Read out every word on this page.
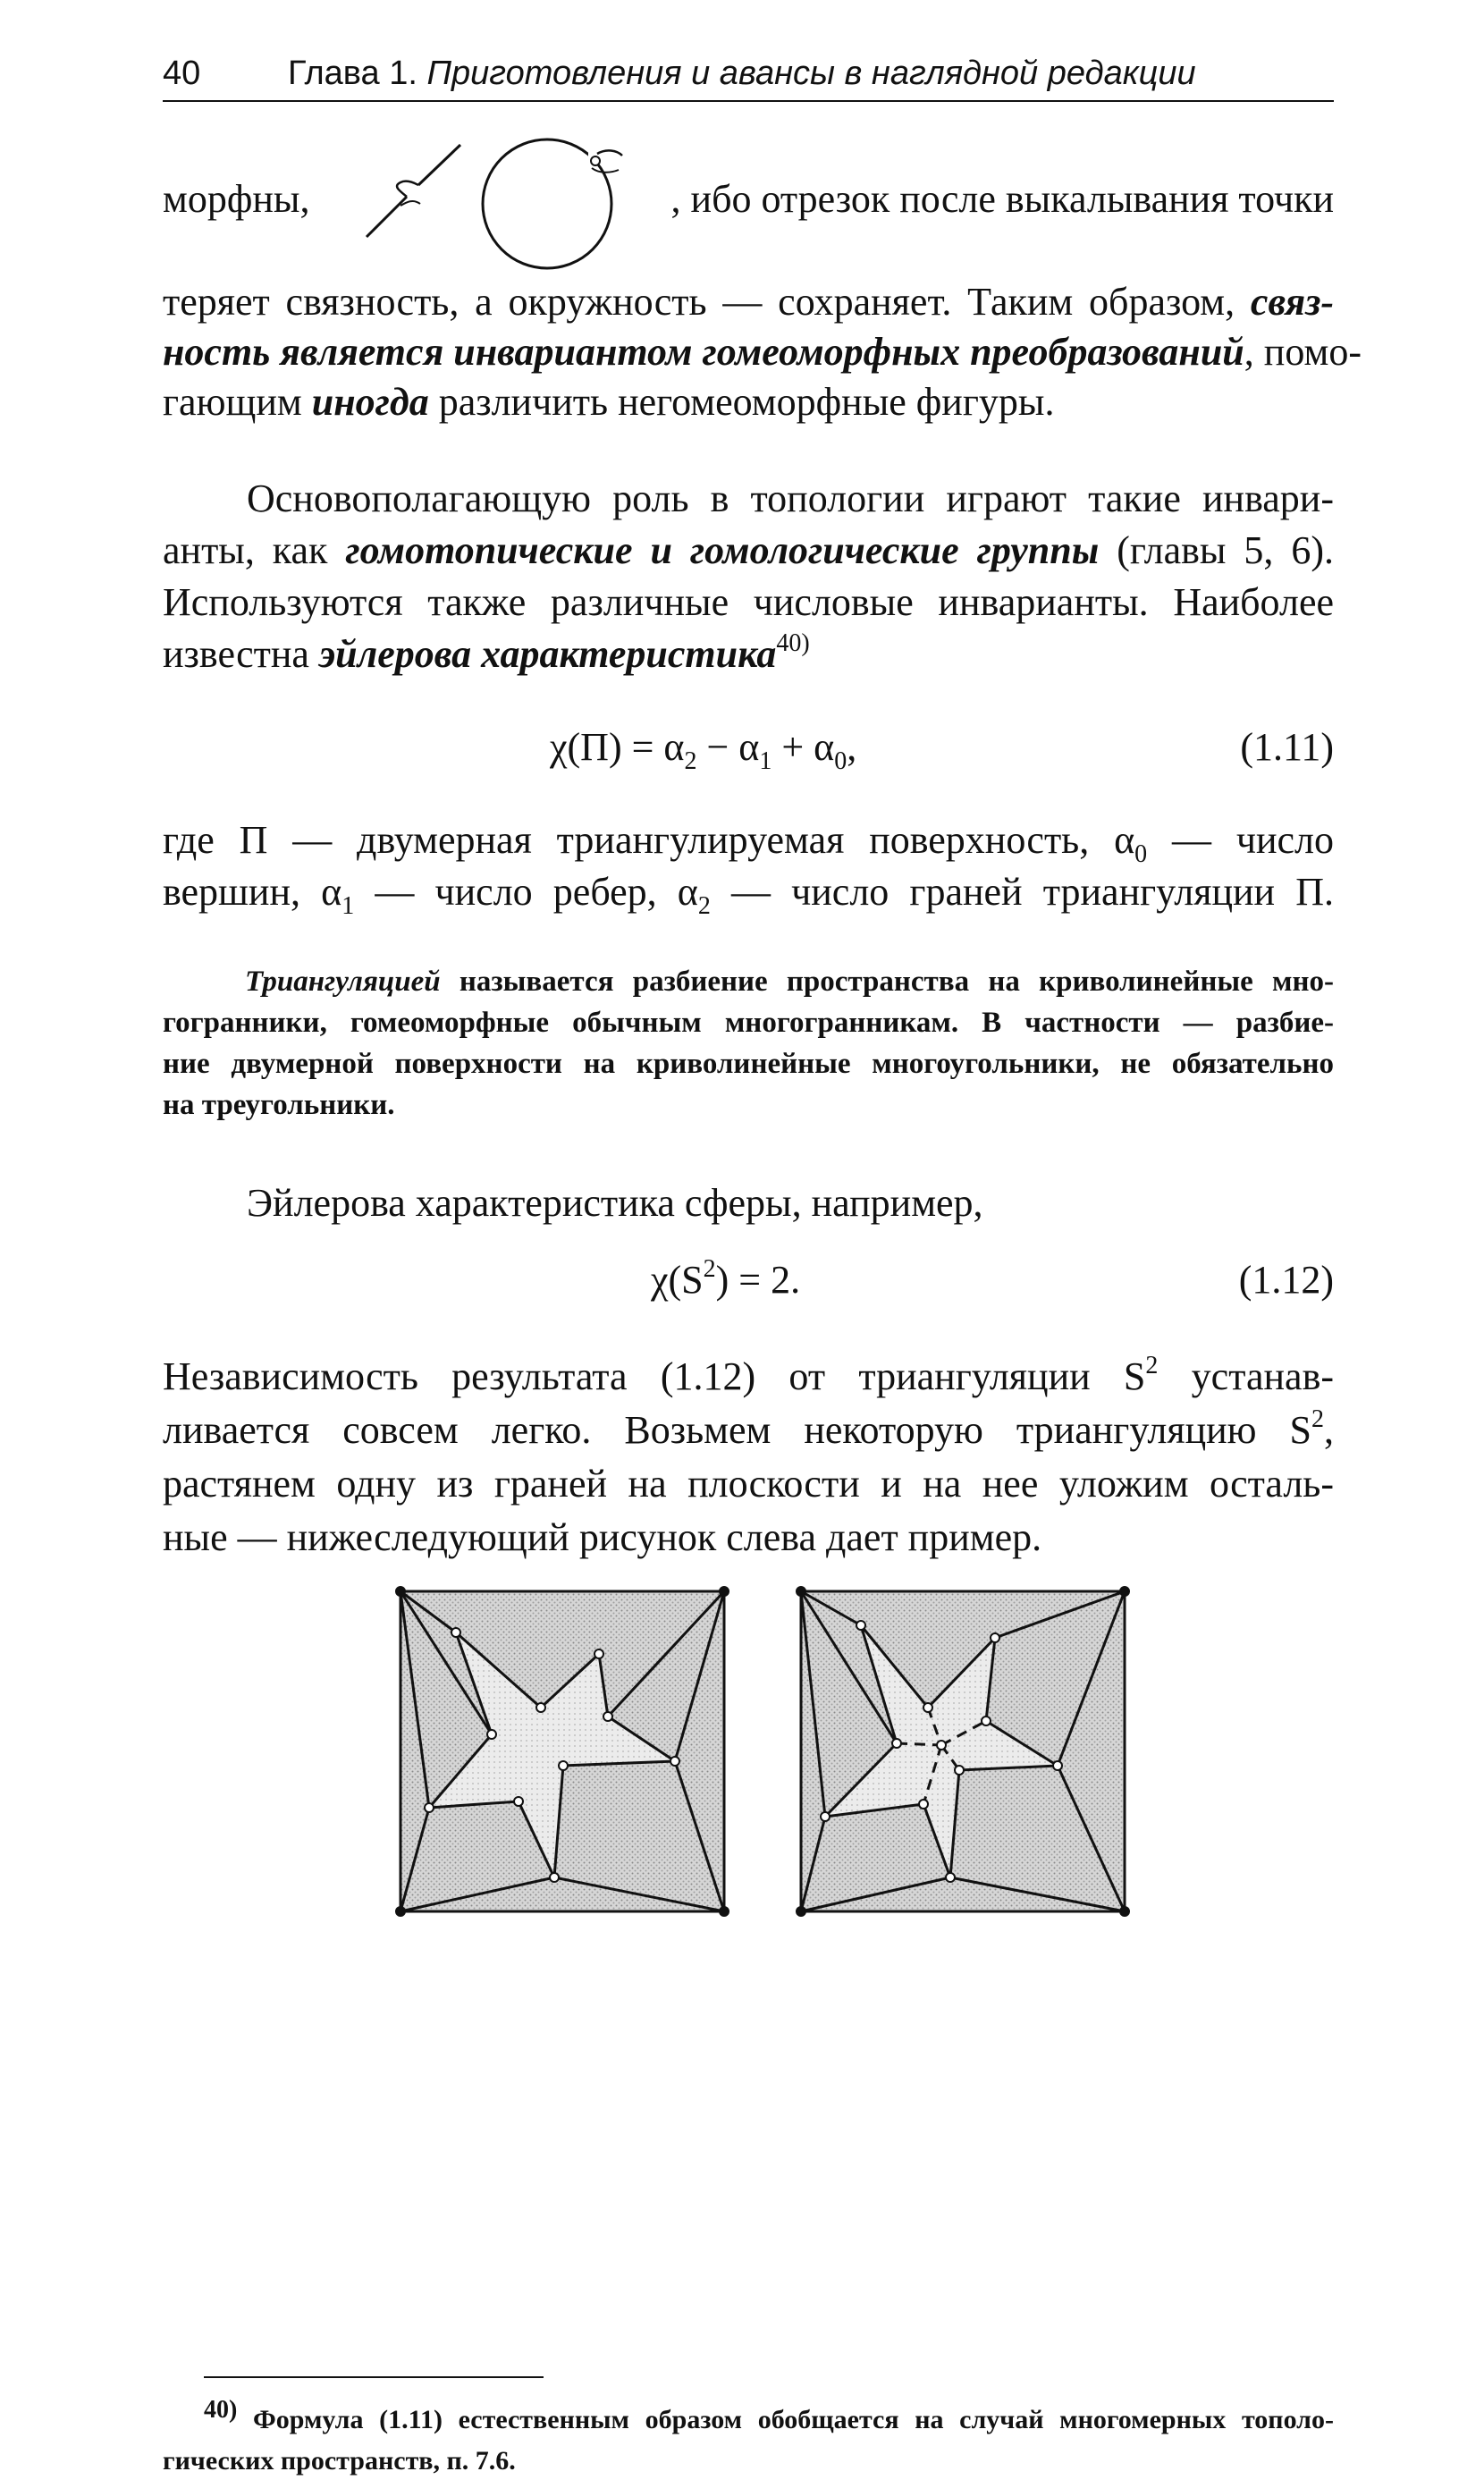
40	Глава 1. Приготовления и авансы в наглядной редакции
морфны,	, ибо отрезок после выкалывания точки
теряет связность, а окружность — сохраняет. Таким образом, связ-
ность является инвариантом гомеоморфных преобразований, помо-
гающим иногда различить негомеоморфные фигуры.
Основополагающую роль в топологии играют такие инвари-
анты, как гомотопические и гомологические группы (главы 5, 6).
Используются также различные числовые инварианты. Наиболее
известна эйлерова характеристика$^{40)}$
$\chi(П) = \alpha_2 - \alpha_1 + \alpha_0$,	(1.11)
где П — двумерная триангулируемая поверхность, $\alpha_0$ — число
вершин, $\alpha_1$ — число ребер, $\alpha_2$ — число граней триангуляции П.
Триангуляцией называется разбиение пространства на криволинейные мно-
гогранники, гомеоморфные обычным многогранникам. В частности — разбие-
ние двумерной поверхности на криволинейные многоугольники, не обязательно
на треугольники.
Эйлерова характеристика сферы, например,
$\chi(S^2) = 2$.	(1.12)
Независимость результата (1.12) от триангуляции $S^2$ устанав-
ливается совсем легко. Возьмем некоторую триангуляцию $S^2$,
растянем одну из граней на плоскости и на нее уложим осталь-
ные — нижеследующий рисунок слева дает пример.
40) Формула (1.11) естественным образом обобщается на случай многомерных тополо-
гических пространств, п. 7.6.
